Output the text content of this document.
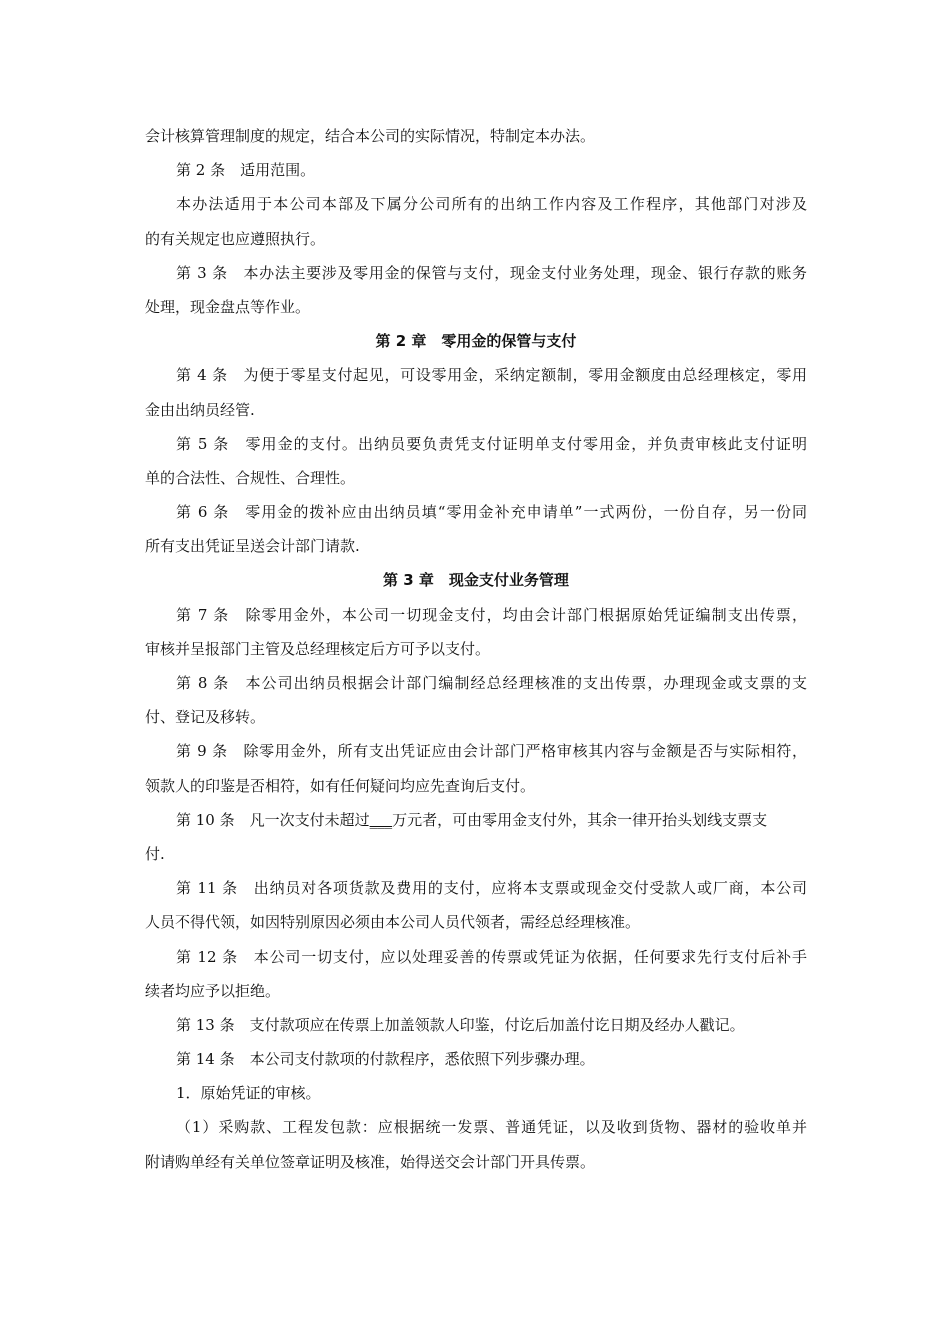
会计核算管理制度的规定，结合本公司的实际情况，特制定本办法。
第 2 条　适用范围。
本办法适用于本公司本部及下属分公司所有的出纳工作内容及工作程序，其他部门对涉及
的有关规定也应遵照执行。
第 3 条　本办法主要涉及零用金的保管与支付，现金支付业务处理，现金、银行存款的账务
处理，现金盘点等作业。
第 2 章　零用金的保管与支付
第 4 条　为便于零星支付起见，可设零用金，采纳定额制，零用金额度由总经理核定，零用
金由出纳员经管.
第 5 条　零用金的支付。出纳员要负责凭支付证明单支付零用金，并负责审核此支付证明
单的合法性、合规性、合理性。
第 6 条　零用金的拨补应由出纳员填“零用金补充申请单”一式两份，一份自存，另一份同
所有支出凭证呈送会计部门请款.
第 3 章　现金支付业务管理
第 7 条　除零用金外，本公司一切现金支付，均由会计部门根据原始凭证编制支出传票，
审核并呈报部门主管及总经理核定后方可予以支付。
第 8 条　本公司出纳员根据会计部门编制经总经理核准的支出传票，办理现金或支票的支
付、登记及移转。
第 9 条　除零用金外，所有支出凭证应由会计部门严格审核其内容与金额是否与实际相符，
领款人的印鉴是否相符，如有任何疑问均应先查询后支付。
第 10 条　凡一次支付未超过___万元者，可由零用金支付外，其余一律开抬头划线支票支
付.
第 11 条　出纳员对各项货款及费用的支付，应将本支票或现金交付受款人或厂商，本公司
人员不得代领，如因特别原因必须由本公司人员代领者，需经总经理核准。
第 12 条　本公司一切支付，应以处理妥善的传票或凭证为依据，任何要求先行支付后补手
续者均应予以拒绝。
第 13 条　支付款项应在传票上加盖领款人印鉴，付讫后加盖付讫日期及经办人戳记。
第 14 条　本公司支付款项的付款程序，悉依照下列步骤办理。
1．原始凭证的审核。
（1）采购款、工程发包款：应根据统一发票、普通凭证，以及收到货物、器材的验收单并
附请购单经有关单位签章证明及核准，始得送交会计部门开具传票。
